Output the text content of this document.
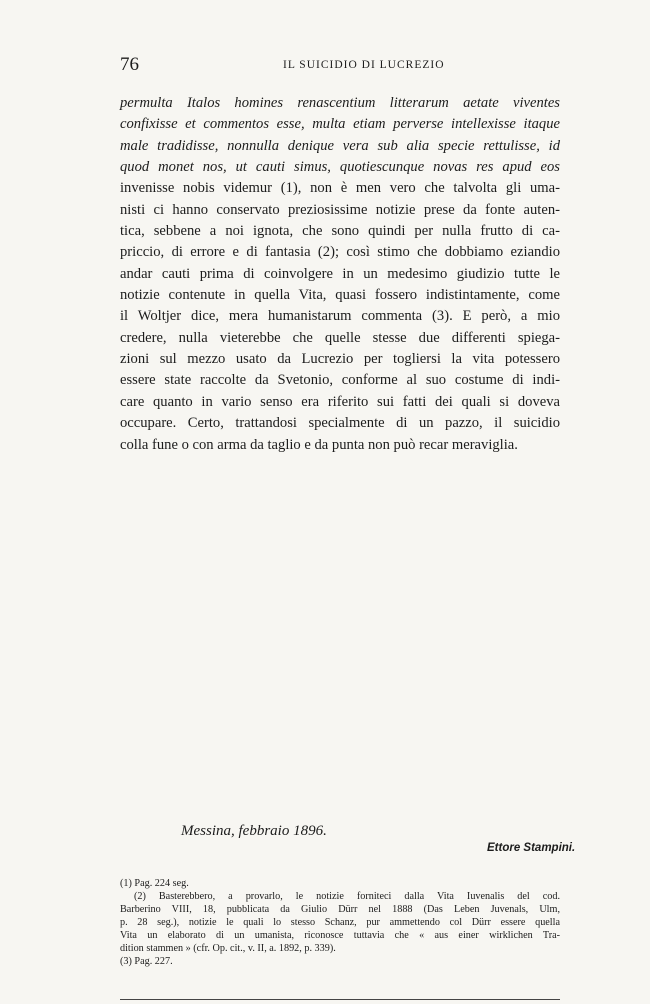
76	IL SUICIDIO DI LUCREZIO
permulta Italos homines renascentium litterarum aetate viventes
confixisse et commentos esse, multa etiam perverse intellexisse itaque
male tradidisse, nonnulla denique vera sub alia specie rettulisse, id
quod monet nos, ut cauti simus, quotiescunque novas res apud eos
invenisse nobis videmur (1), non è men vero che talvolta gli uma-
nisti ci hanno conservato preziosissime notizie prese da fonte auten-
tica, sebbene a noi ignota, che sono quindi per nulla frutto di ca-
priccio, di errore e di fantasia (2); così stimo che dobbiamo eziandio
andar cauti prima di coinvolgere in un medesimo giudizio tutte le
notizie contenute in quella Vita, quasi fossero indistintamente, come
il Woltjer dice, mera humanistarum commenta (3). E però, a mio
credere, nulla vieterebbe che quelle stesse due differenti spiega-
zioni sul mezzo usato da Lucrezio per togliersi la vita potessero
essere state raccolte da Svetonio, conforme al suo costume di indi-
care quanto in vario senso era riferito sui fatti dei quali si doveva
occupare. Certo, trattandosi specialmente di un pazzo, il suicidio
colla fune o con arma da taglio e da punta non può recar meraviglia.
Messina, febbraio 1896.
Ettore Stampini.
(1) Pag. 224 seg.
(2) Basterebbero, a provarlo, le notizie forniteci dalla Vita Iuvenalis del cod.
Barberino VIII, 18, pubblicata da Giulio Dürr nel 1888 (Das Leben Juvenals, Ulm,
p. 28 seg.), notizie le quali lo stesso Schanz, pur ammettendo col Dürr essere quella
Vita un elaborato di un umanista, riconosce tuttavia che « aus einer wirklichen Tra-
dition stammen » (cfr. Op. cit., v. II, a. 1892, p. 339).
(3) Pag. 227.
